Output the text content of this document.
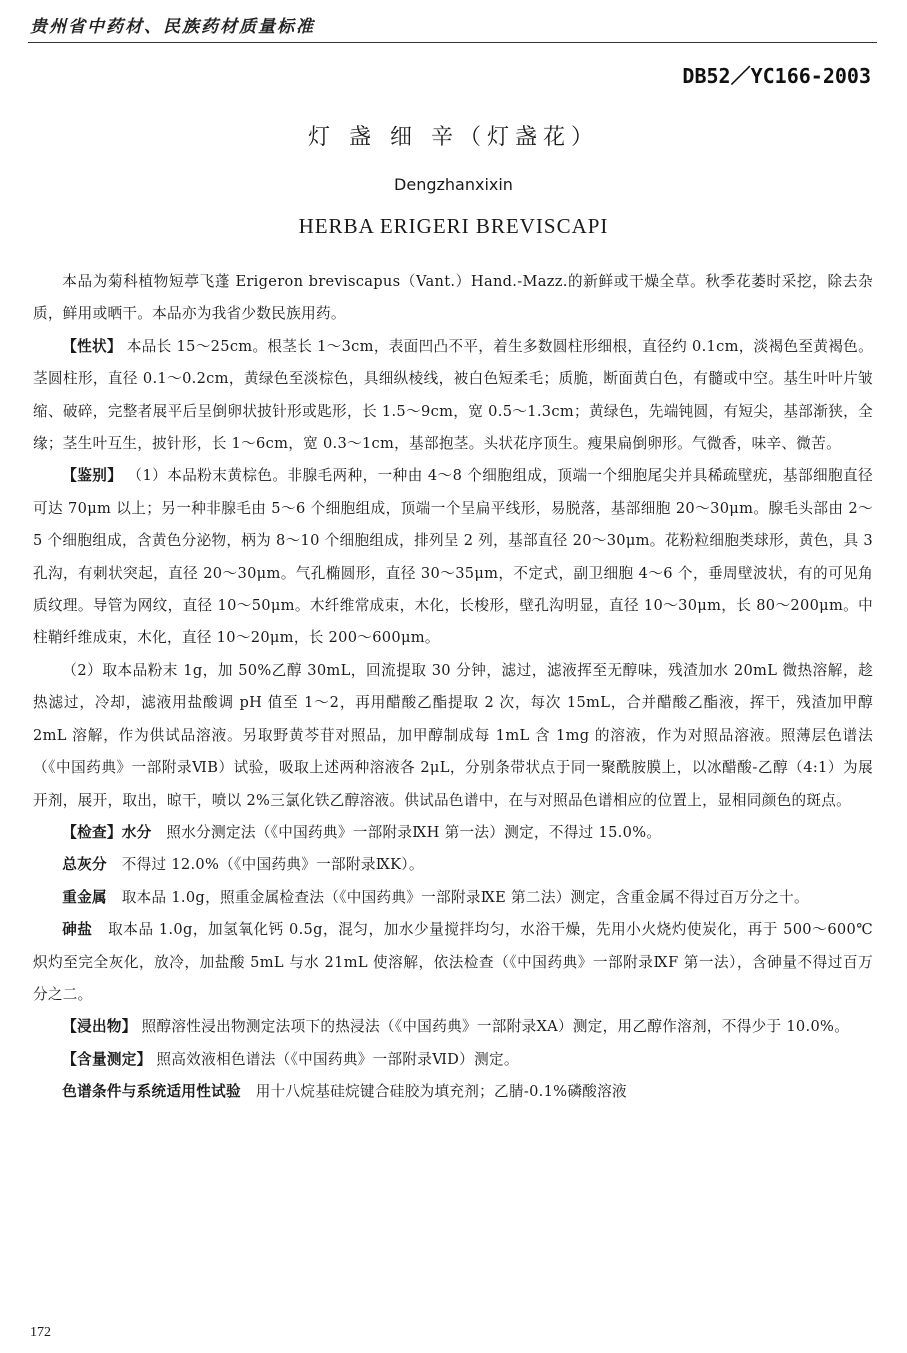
贵州省中药材、民族药材质量标准
DB52／YC166-2003
灯 盏 细 辛（灯盏花）
Dengzhanxixin
HERBA ERIGERI BREVISCAPI

本品为菊科植物短葶飞蓬 Erigeron breviscapus（Vant.）Hand.-Mazz.的新鲜或干燥全草。秋季花萎时采挖，除去杂质，鲜用或晒干。本品亦为我省少数民族用药。

【性状】 本品长 15～25cm。根茎长 1～3cm，表面凹凸不平，着生多数圆柱形细根，直径约 0.1cm，淡褐色至黄褐色。茎圆柱形，直径 0.1～0.2cm，黄绿色至淡棕色，具细纵棱线，被白色短柔毛；质脆，断面黄白色，有髓或中空。基生叶叶片皱缩、破碎，完整者展平后呈倒卵状披针形或匙形，长 1.5～9cm，宽 0.5～1.3cm；黄绿色，先端钝圆，有短尖，基部渐狭，全缘；茎生叶互生，披针形，长 1～6cm，宽 0.3～1cm，基部抱茎。头状花序顶生。瘦果扁倒卵形。气微香，味辛、微苦。

【鉴别】 （1）本品粉末黄棕色。非腺毛两种，一种由 4～8 个细胞组成，顶端一个细胞尾尖并具稀疏壁疣，基部细胞直径可达 70μm 以上；另一种非腺毛由 5～6 个细胞组成，顶端一个呈扁平线形，易脱落，基部细胞 20～30μm。腺毛头部由 2～5 个细胞组成，含黄色分泌物，柄为 8～10 个细胞组成，排列呈 2 列，基部直径 20～30μm。花粉粒细胞类球形，黄色，具 3 孔沟，有刺状突起，直径 20～30μm。气孔椭圆形，直径 30～35μm，不定式，副卫细胞 4～6 个，垂周壁波状，有的可见角质纹理。导管为网纹，直径 10～50μm。木纤维常成束，木化，长梭形，壁孔沟明显，直径 10～30μm，长 80～200μm。中柱鞘纤维成束，木化，直径 10～20μm，长 200～600μm。

（2）取本品粉末 1g，加 50%乙醇 30mL，回流提取 30 分钟，滤过，滤液挥至无醇味，残渣加水 20mL 微热溶解，趁热滤过，冷却，滤液用盐酸调 pH 值至 1～2，再用醋酸乙酯提取 2 次，每次 15mL，合并醋酸乙酯液，挥干，残渣加甲醇 2mL 溶解，作为供试品溶液。另取野黄芩苷对照品，加甲醇制成每 1mL 含 1mg 的溶液，作为对照品溶液。照薄层色谱法（《中国药典》一部附录ⅥB）试验，吸取上述两种溶液各 2μL，分别条带状点于同一聚酰胺膜上，以冰醋酸-乙醇（4:1）为展开剂，展开，取出，晾干，喷以 2%三氯化铁乙醇溶液。供试品色谱中，在与对照品色谱相应的位置上，显相同颜色的斑点。

【检查】水分 照水分测定法（《中国药典》一部附录ⅨH 第一法）测定，不得过 15.0%。

总灰分 不得过 12.0%（《中国药典》一部附录ⅨK）。

重金属 取本品 1.0g，照重金属检查法（《中国药典》一部附录ⅨE 第二法）测定，含重金属不得过百万分之十。

砷盐 取本品 1.0g，加氢氧化钙 0.5g，混匀，加水少量搅拌均匀，水浴干燥，先用小火烧灼使炭化，再于 500～600℃炽灼至完全灰化，放冷，加盐酸 5mL 与水 21mL 使溶解，依法检查（《中国药典》一部附录ⅨF 第一法），含砷量不得过百万分之二。

【浸出物】 照醇溶性浸出物测定法项下的热浸法（《中国药典》一部附录ⅩA）测定，用乙醇作溶剂，不得少于 10.0%。

【含量测定】 照高效液相色谱法（《中国药典》一部附录ⅥD）测定。

色谱条件与系统适用性试验 用十八烷基硅烷键合硅胶为填充剂；乙腈-0.1%磷酸溶液

172
